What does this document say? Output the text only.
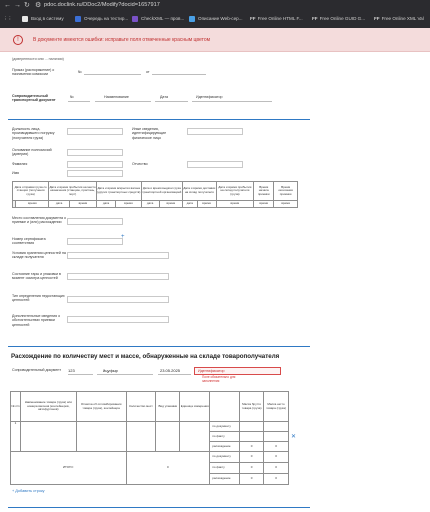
← → ↻ ⚙ pdoc.doclink.ru/DDoc2/Modify?docid=1657917
⋮⋮	Вход в систему	Очередь на тестир...	CheckXML — пров...	Описание Web-сер...	FF Free Online HTML F...	FF Free Online GUID G...	FF Free Online XML Val
!	В документе имеются ошибки: исправьте поля отмеченные красным цветом
(доверенности или ... наличии)
Приказ (распоряжение) о назначении комиссии
№	от
Сопроводительный транспортный документ
№	Наименование	Дата	Идентификатор
Должность лица, производившего погрузку (получателя груза)
Иные сведения, идентифицирующие физическое лицо
Основание полномочий (доверия)
Фамилия	Отчество
Имя
Дата отправки груза со станции (получения груза)		Дата и время прибытия на место назначения (станцию, пристань, порт)		Дата и время вскрытия вагона (других транспортных средств)		Дата и время выдачи груза транспортной организацией		Дата и время доставки на склад получателя		Дата и время прибытия на склад получателя (груза)	Время начала приемки	Время окончания приемки
	время	дата	время	дата	время	дата	время	дата	время	время	время	время
Место составления документа о приемке и (или) расхождении
Номер сертификата соответствия
+
Условия хранения ценностей на складе получателя
Состояние тары и упаковки в момент осмотра ценностей
Тип определения недостающих ценностей
Дополнительные сведения о обстоятельствах приемки ценностей
Расхождение по количеству мест и массе, обнаруженные на складе товарополучателя
Сопроводительный документ	123	йцуфыр	23.05.2025	Идентификатор
Поле обязательно для заполнения
№ п/п	Наименование товара (груза) или номера вагонов (контейнеров, автофургонов)	Отметка об опломбировании товара (груза), контейнера	Количество мест	Вид упаковки	Единица измерения		Масса брутто товара (груза)	Масса нетто товара (груза)
1						по документу		
						по факту		
						расхождение	0	0
ИТОГО:			0			по документу	0	0
						по факту	0	0
						расхождение	0	0
✕
+ Добавить строку
